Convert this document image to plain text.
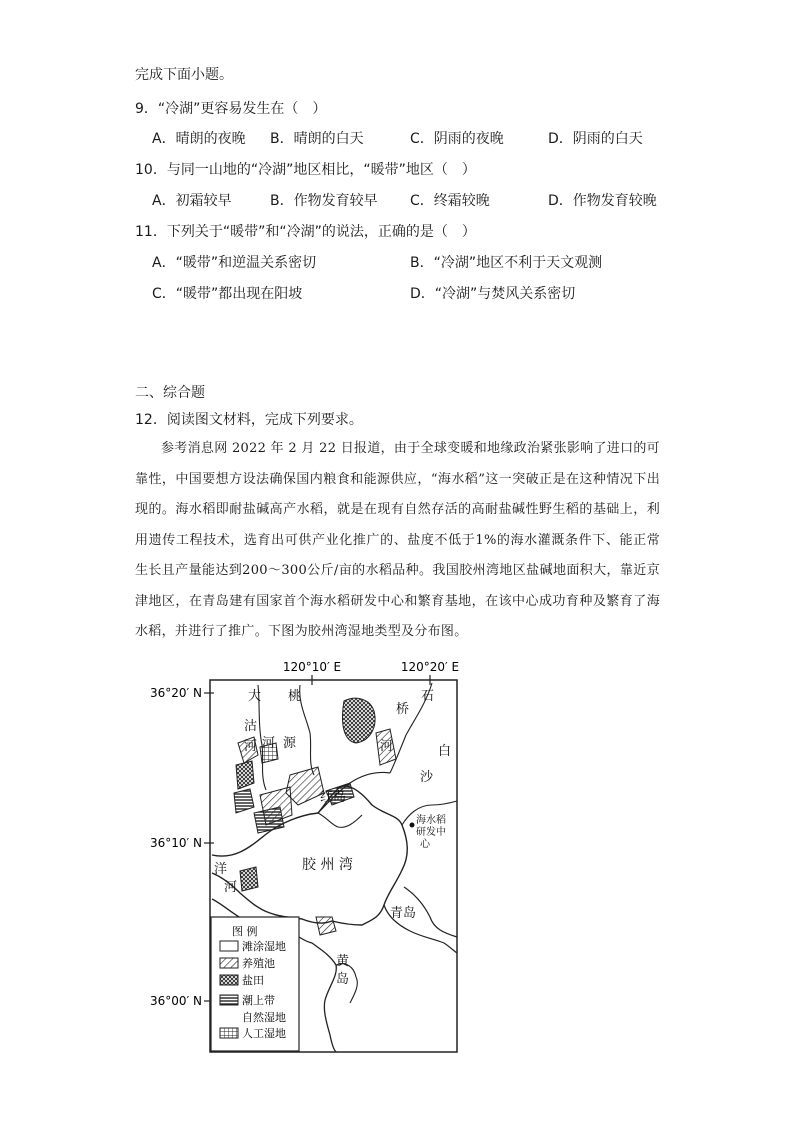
完成下面小题。
9．“冷湖”更容易发生在（　）
A．晴朗的夜晚 B．晴朗的白天	C．阴雨的夜晚	D．阴雨的白天
10．与同一山地的“冷湖”地区相比，“暖带”地区（　）
A．初霜较早	B．作物发育较早 C．终霜较晚	D．作物发育较晚
11．下列关于“暖带”和“冷湖”的说法，正确的是（　）
A．“暖带”和逆温关系密切	B．“冷湖”地区不利于天文观测
C．“暖带”都出现在阳坡	D．“冷湖”与焚风关系密切
二、综合题
12．阅读图文材料，完成下列要求。

参考消息网 2022 年 2 月 22 日报道，由于全球变暖和地缘政治紧张影响了进口的可靠性，中国要想方设法确保国内粮食和能源供应，“海水稻”这一突破正是在这种情况下出现的。海水稻即耐盐碱高产水稻，就是在现有自然存活的高耐盐碱性野生稻的基础上，利用遗传工程技术，选育出可供产业化推广的、盐度不低于1%的海水灌溉条件下、能正常生长且产量能达到200～300公斤/亩的水稻品种。我国胶州湾地区盐碱地面积大，靠近京津地区，在青岛建有国家首个海水稻研发中心和繁育基地，在该中心成功育种及繁育了海水稻，并进行了推广。下图为胶州湾湿地类型及分布图。

120°10′ E	120°20′ E
36°20′ N
36°10′ N
36°00′ N
大
沽
河
桃
河 源
桥
石
河	白
沙
红岛
胶 州 湾
洋
河
青岛
黄
岛
海水稻
研发中
心
图 例
滩涂湿地
养殖池
盐田
潮上带
自然湿地
人工湿地
